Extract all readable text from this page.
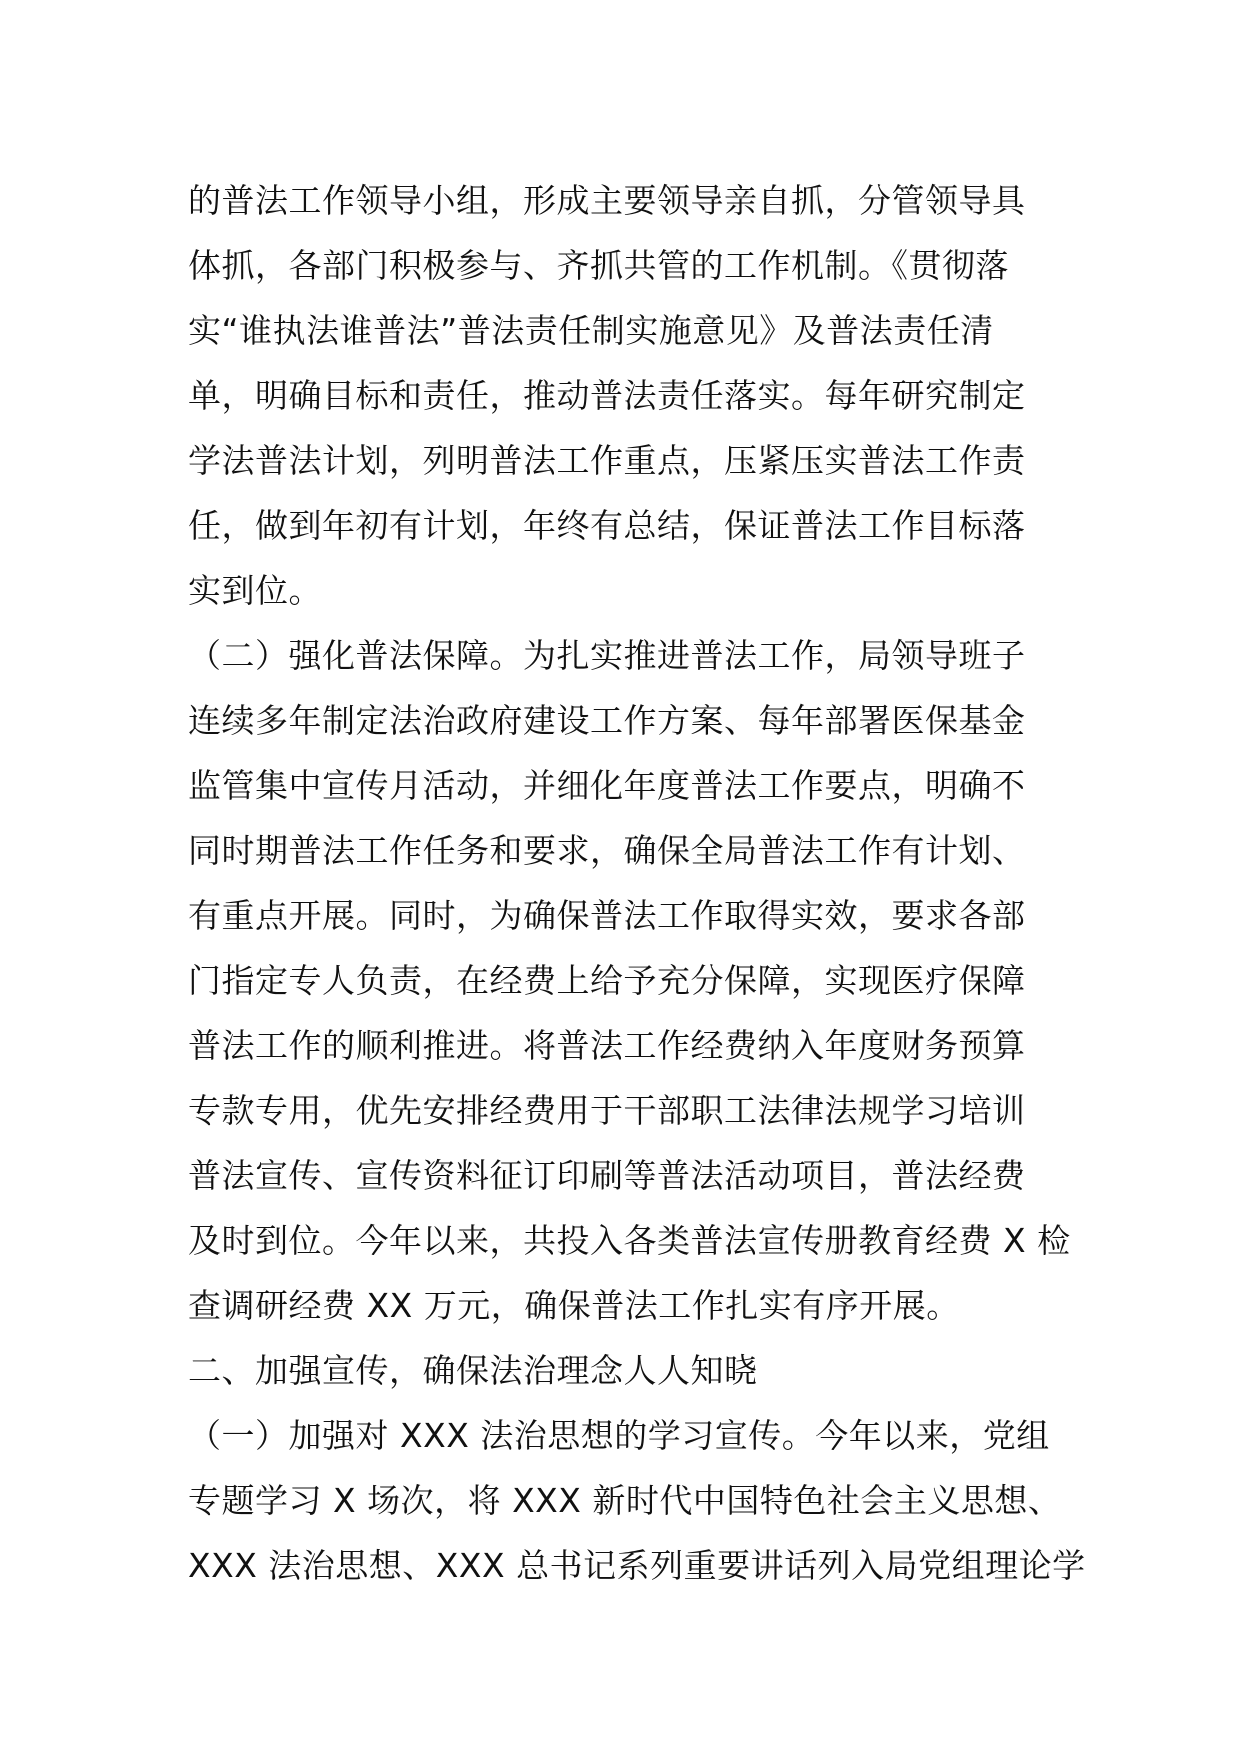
的普法工作领导小组，形成主要领导亲自抓，分管领导具
体抓，各部门积极参与、齐抓共管的工作机制。《贯彻落
实“谁执法谁普法”普法责任制实施意见》及普法责任清
单，明确目标和责任，推动普法责任落实。每年研究制定
学法普法计划，列明普法工作重点，压紧压实普法工作责
任，做到年初有计划，年终有总结，保证普法工作目标落
实到位。
（二）强化普法保障。为扎实推进普法工作，局领导班子
连续多年制定法治政府建设工作方案、每年部署医保基金
监管集中宣传月活动，并细化年度普法工作要点，明确不
同时期普法工作任务和要求，确保全局普法工作有计划、
有重点开展。同时，为确保普法工作取得实效，要求各部
门指定专人负责，在经费上给予充分保障，实现医疗保障
普法工作的顺利推进。将普法工作经费纳入年度财务预算
专款专用，优先安排经费用于干部职工法律法规学习培训
普法宣传、宣传资料征订印刷等普法活动项目，普法经费
及时到位。今年以来，共投入各类普法宣传册教育经费 X 检
查调研经费 XX 万元，确保普法工作扎实有序开展。
二、加强宣传，确保法治理念人人知晓
（一）加强对 XXX 法治思想的学习宣传。今年以来，党组
专题学习 X 场次，将 XXX 新时代中国特色社会主义思想、
XXX 法治思想、XXX 总书记系列重要讲话列入局党组理论学
